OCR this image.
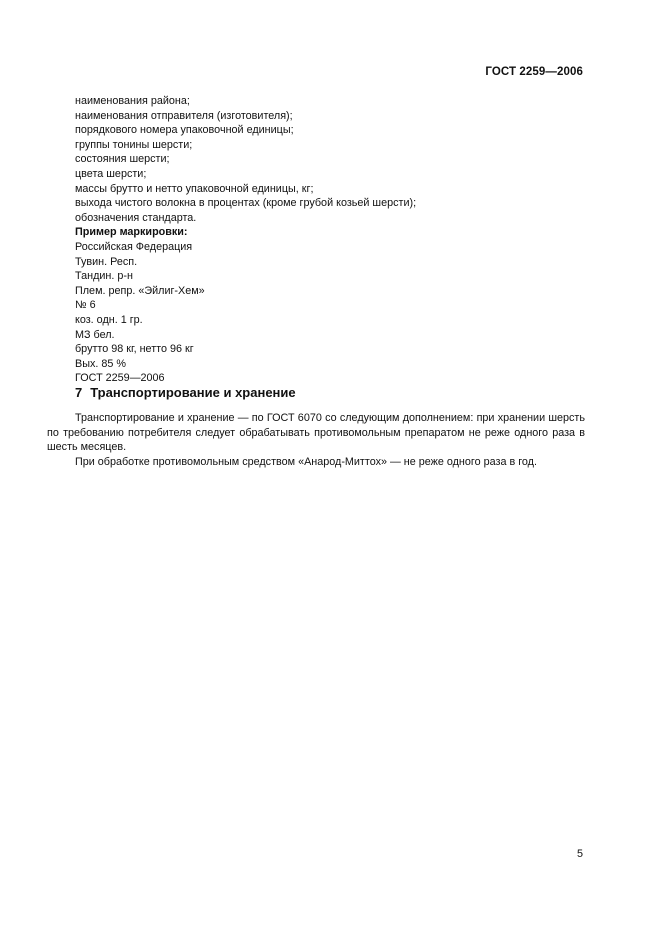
ГОСТ 2259—2006
наименования района;
наименования отправителя (изготовителя);
порядкового номера упаковочной единицы;
группы тонины шерсти;
состояния шерсти;
цвета шерсти;
массы брутто и нетто упаковочной единицы, кг;
выхода чистого волокна в процентах (кроме грубой козьей шерсти);
обозначения стандарта.
Пример маркировки:
Российская Федерация
Тувин. Респ.
Тандин. р-н
Плем. репр. «Эйлиг-Хем»
№ 6
коз. одн. 1 гр.
МЗ бел.
брутто 98 кг, нетто 96 кг
Вых. 85 %
ГОСТ 2259—2006
7 Транспортирование и хранение

Транспортирование и хранение — по ГОСТ 6070 со следующим дополнением: при хранении шерсть по требованию потребителя следует обрабатывать противомольным препаратом не реже одного раза в шесть месяцев.

При обработке противомольным средством «Анарод-Миттох» — не реже одного раза в год.

5
